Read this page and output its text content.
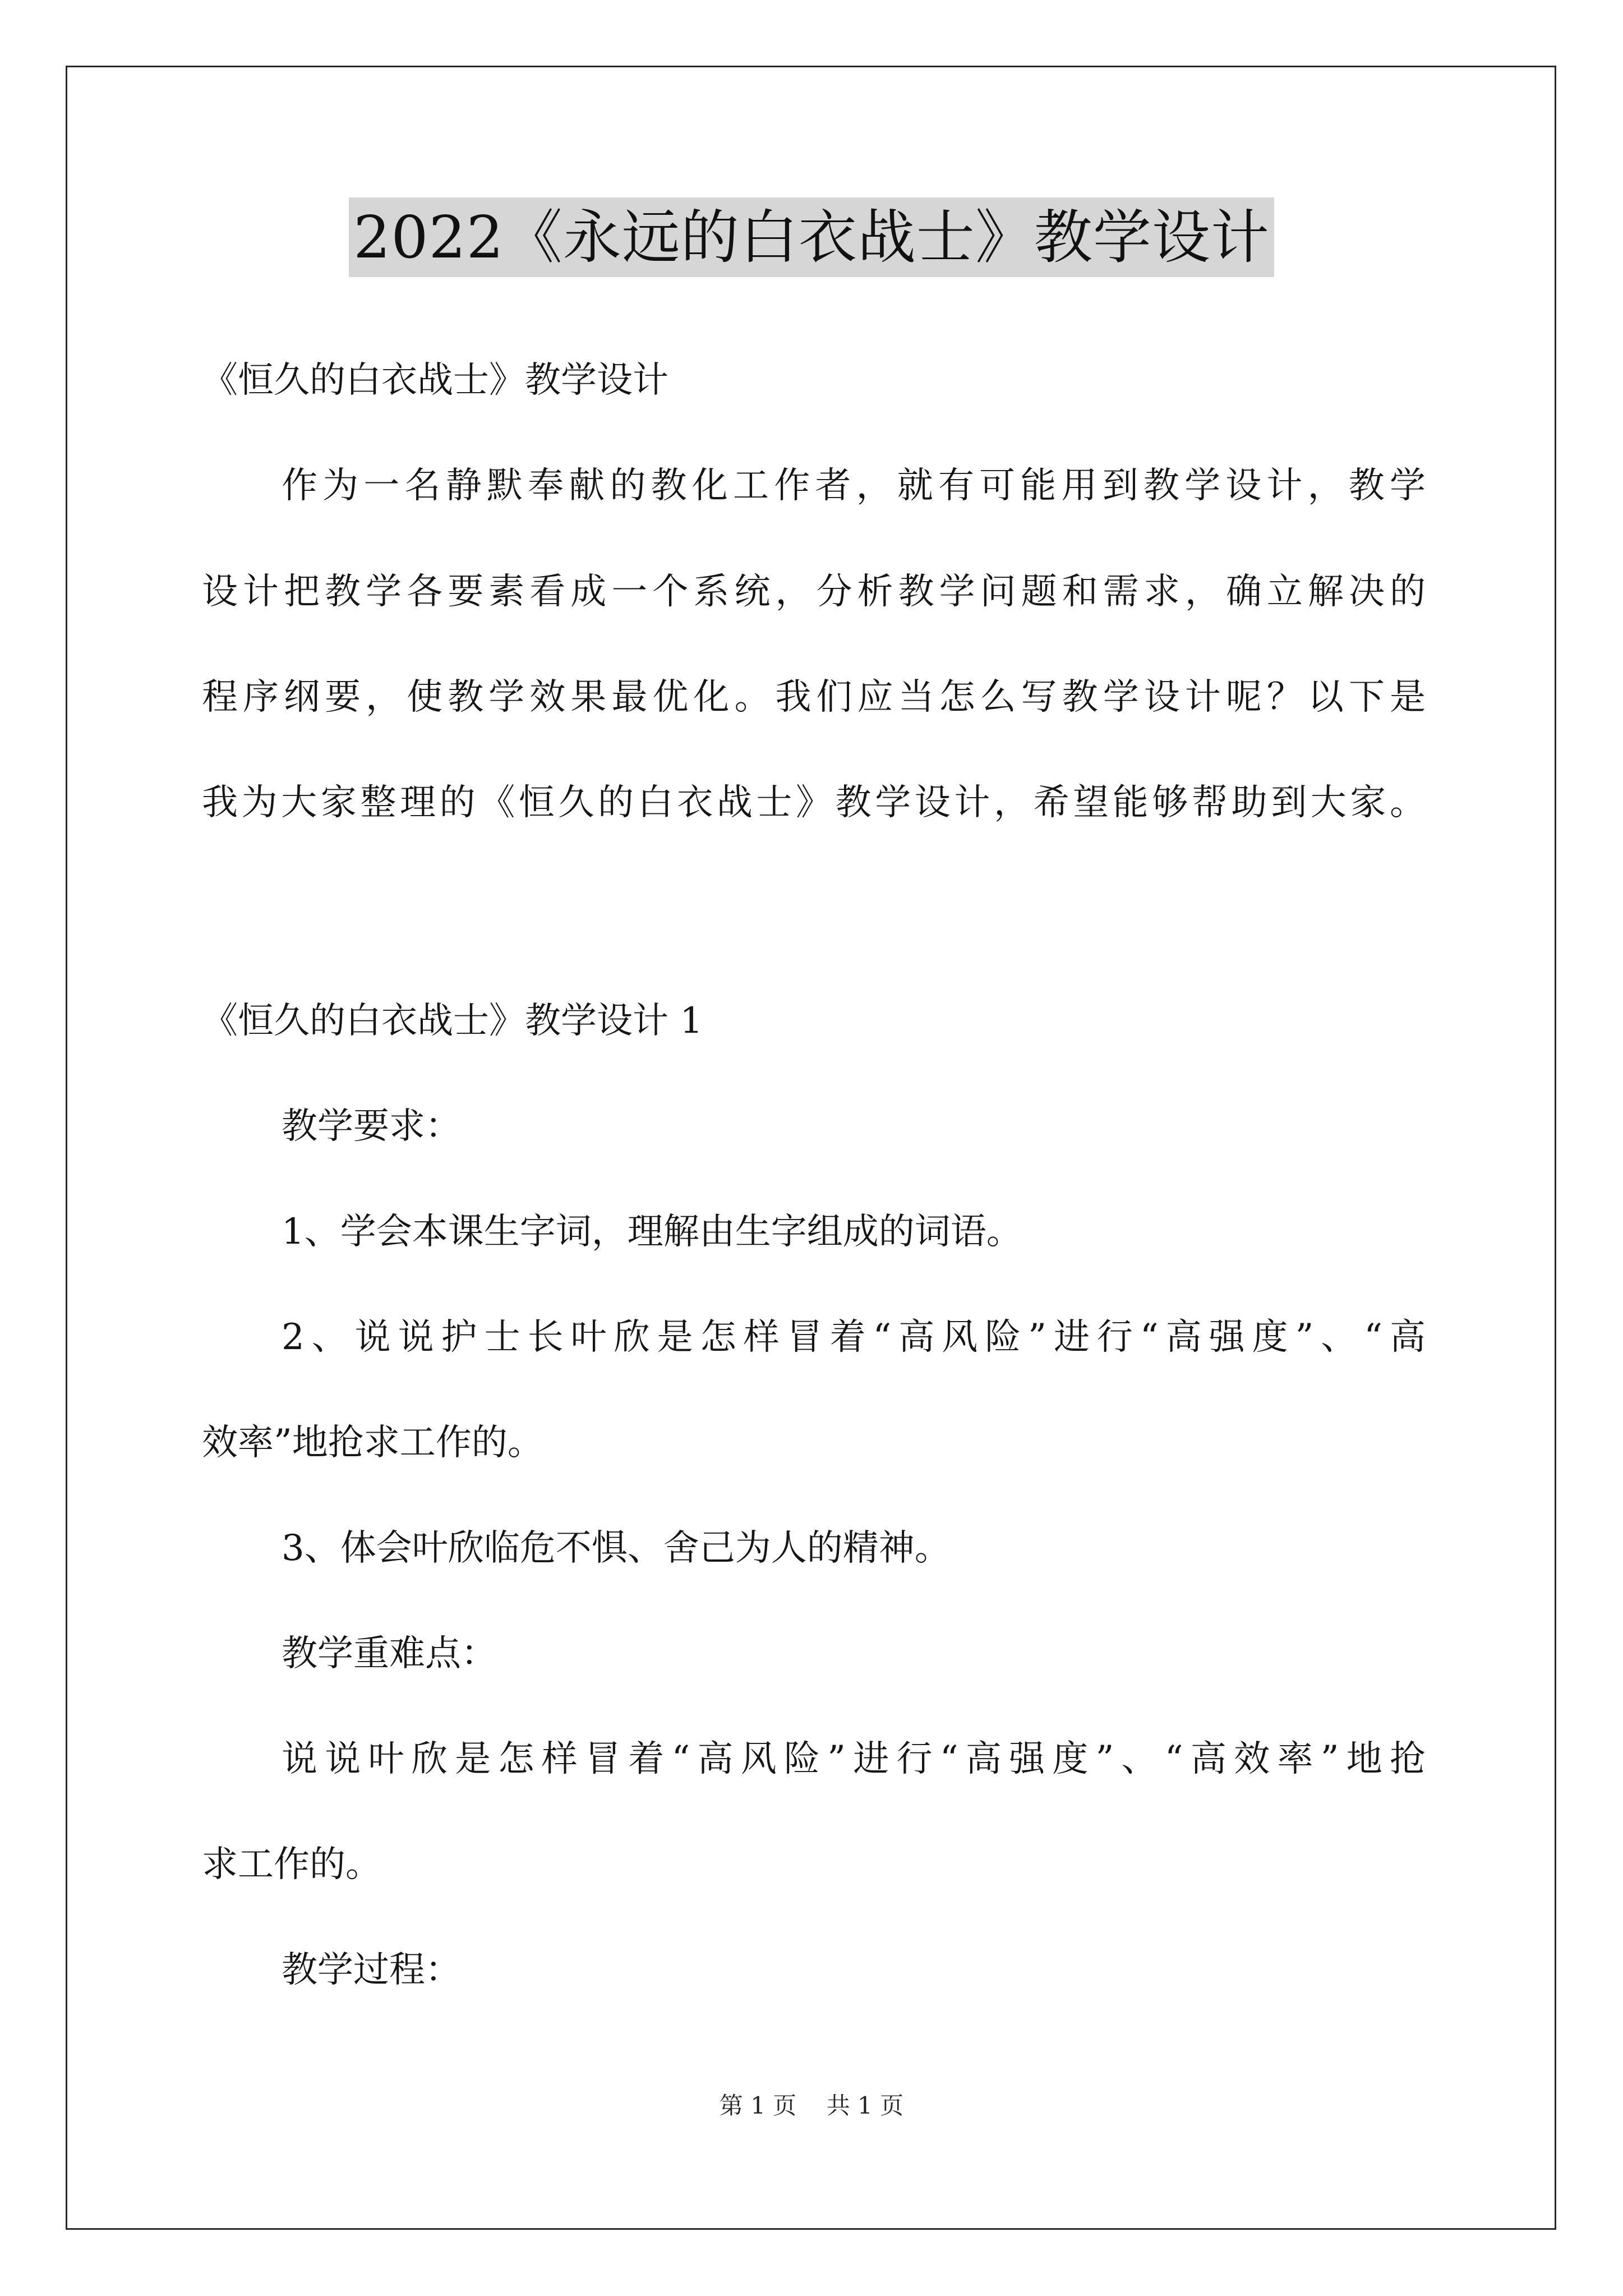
2022《永远的白衣战士》教学设计
《恒久的白衣战士》教学设计
作为一名静默奉献的教化工作者，就有可能用到教学设计，教学
设计把教学各要素看成一个系统，分析教学问题和需求，确立解决的
程序纲要，使教学效果最优化。我们应当怎么写教学设计呢？以下是
我为大家整理的《恒久的白衣战士》教学设计，希望能够帮助到大家。
《恒久的白衣战士》教学设计 1
教学要求：
1、学会本课生字词，理解由生字组成的词语。
2、说说护士长叶欣是怎样冒着“高风险”进行“高强度”、“高
效率”地抢求工作的。
3、体会叶欣临危不惧、舍己为人的精神。
教学重难点：
说说叶欣是怎样冒着“高风险”进行“高强度”、“高效率”地抢
求工作的。
教学过程：
第 1 页    共 1 页
